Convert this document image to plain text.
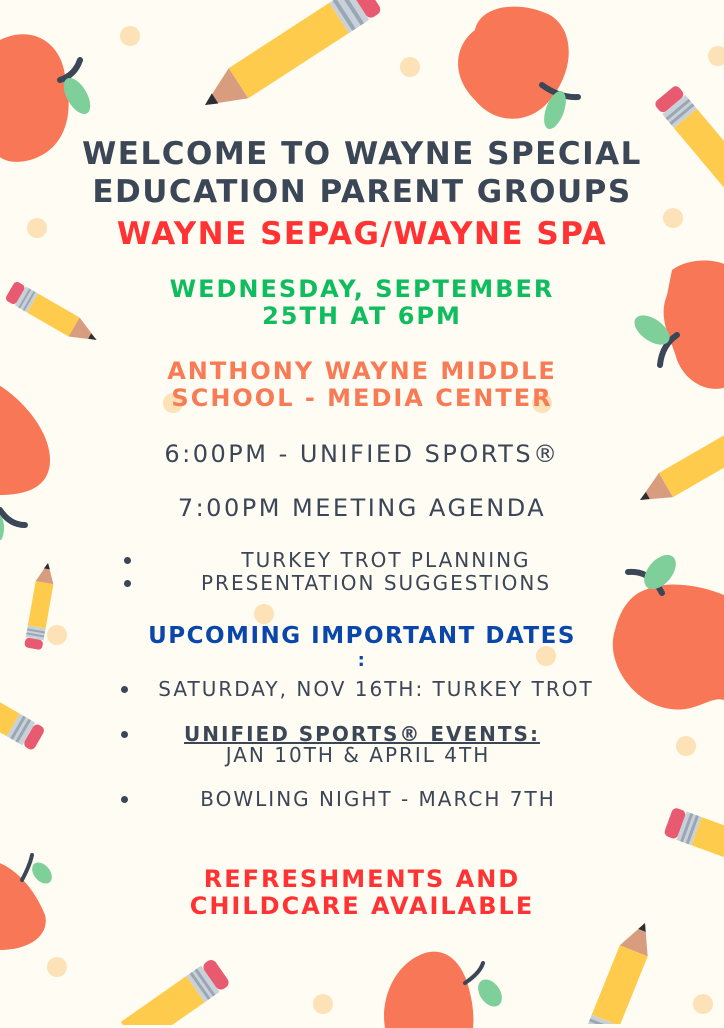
WELCOME TO WAYNE SPECIAL
EDUCATION PARENT GROUPS
WAYNE SEPAG/WAYNE SPA
WEDNESDAY, SEPTEMBER
25TH AT 6PM
ANTHONY WAYNE MIDDLE
SCHOOL - MEDIA CENTER
6:00PM - UNIFIED SPORTS®
7:00PM MEETING AGENDA
TURKEY TROT PLANNING
PRESENTATION SUGGESTIONS
UPCOMING IMPORTANT DATES
:
SATURDAY, NOV 16TH: TURKEY TROT
UNIFIED SPORTS® EVENTS:
JAN 10TH & APRIL 4TH
BOWLING NIGHT - MARCH 7TH
REFRESHMENTS AND
CHILDCARE AVAILABLE
